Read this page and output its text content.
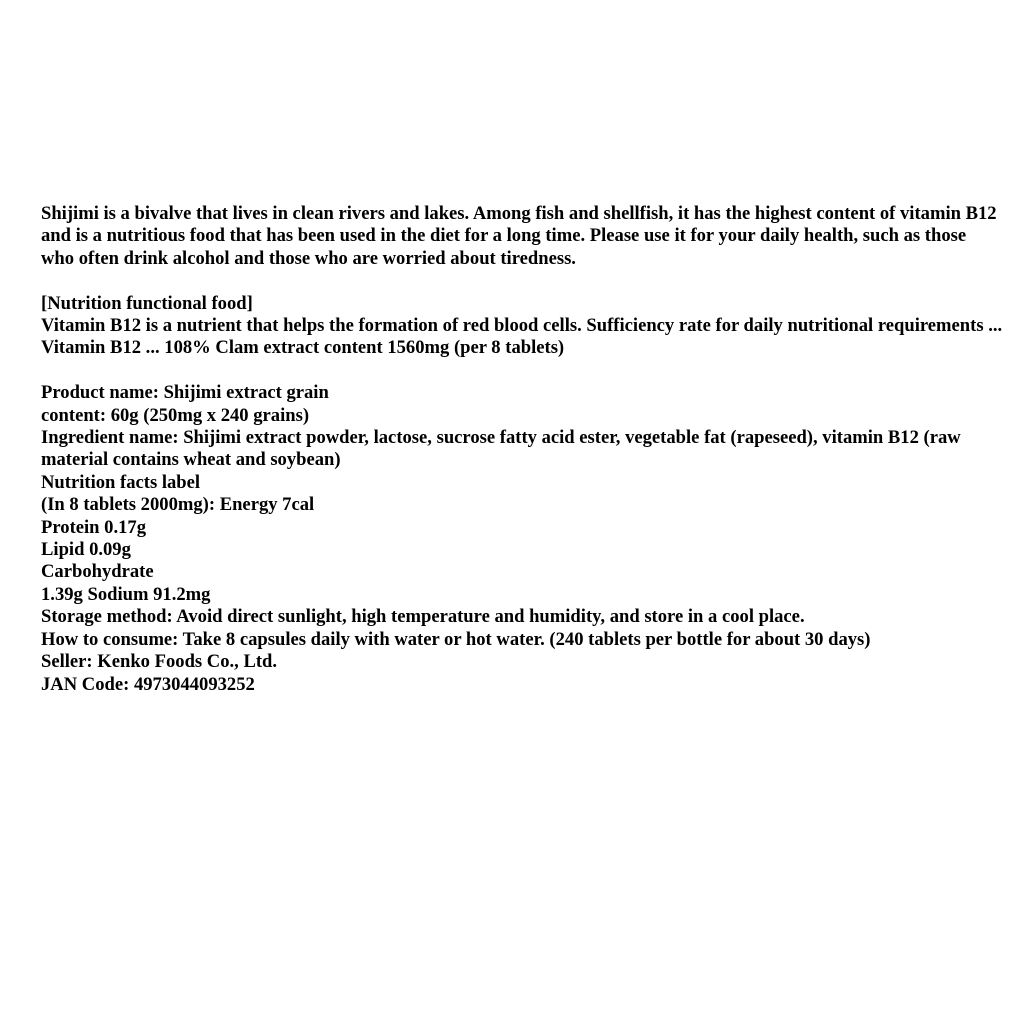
Shijimi is a bivalve that lives in clean rivers and lakes. Among fish and shellfish, it has the highest content of vitamin B12 and is a nutritious food that has been used in the diet for a long time. Please use it for your daily health, such as those who often drink alcohol and those who are worried about tiredness.

[Nutrition functional food]

Vitamin B12 is a nutrient that helps the formation of red blood cells. Sufficiency rate for daily nutritional requirements ... Vitamin B12 ... 108% Clam extract content 1560mg (per 8 tablets)

Product name: Shijimi extract grain

content: 60g (250mg x 240 grains)

Ingredient name: Shijimi extract powder, lactose, sucrose fatty acid ester, vegetable fat (rapeseed), vitamin B12 (raw material contains wheat and soybean)

Nutrition facts label

(In 8 tablets 2000mg): Energy 7cal

Protein 0.17g

Lipid 0.09g

Carbohydrate

1.39g Sodium 91.2mg

Storage method: Avoid direct sunlight, high temperature and humidity, and store in a cool place.

How to consume: Take 8 capsules daily with water or hot water. (240 tablets per bottle for about 30 days)

Seller: Kenko Foods Co., Ltd.

JAN Code: 4973044093252
